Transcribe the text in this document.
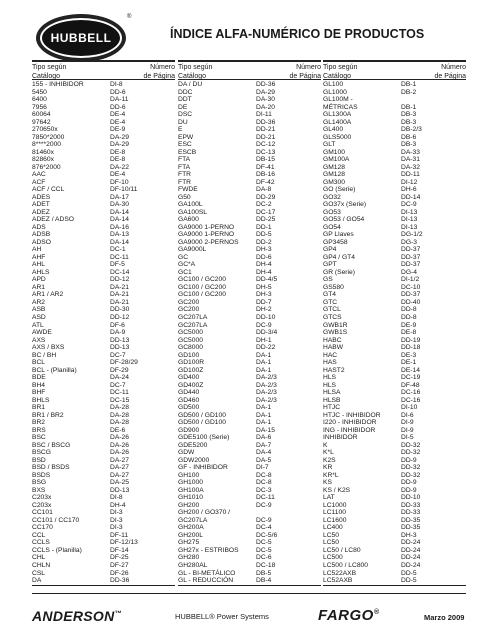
HUBBELL
®
ÍNDICE ALFA-NUMÉRICO DE PRODUCTOS
Tipo según	Número
Catálogo	de Página
155 - INHIBIDOR	DI-8
5450	DD-6
6400	DA-11
7956	DD-6
60064	DE-4
97642	DE-4
270650x	DE-9
7850*2000	DA-29
8****2000	DA-29
81460x	DE-8
82860x	DE-8
876*2000	DA-22
AAC	DE-4
ACF	DF-10
ACF / CCL	DF-10/11
ADES	DA-17
ADET	DA-30
ADEZ	DA-14
ADEZ / ADSO	DA-14
ADS	DA-16
ADSB	DA-13
ADSO	DA-14
AH	DC-1
AHF	DC-11
AHL	DF-5
AHLS	DC-14
APD	DD-12
AR1	DA-21
AR1 / AR2	DA-21
AR2	DA-21
ASB	DD-30
ASD	DD-12
ATL	DF-6
AWDE	DA-9
AXS	DD-13
AXS / BXS	DD-13
BC / BH	DC-7
BCL	DF-28/29
BCL - (Planilla)	DF-29
BDE	DA-24
BH4	DC-7
BHF	DC-11
BHLS	DC-15
BR1	DA-28
BR1 / BR2	DA-28
BR2	DA-28
BRS	DE-6
BSC	DA-26
BSC / BSCG	DA-26
BSCG	DA-26
BSD	DA-27
BSD / BSDS	DA-27
BSDS	DA-27
BSG	DA-25
BXS	DD-13
C203x	DI-8
C203x	DH-4
CC101	DI-3
CC101 / CC170	DI-3
CC170	DI-3
CCL	DF-11
CCLS	DF-12/13
CCLS - (Planilla)	DF-14
CHL	DF-25
CHLN	DF-27
CSL	DF-26
DA	DD-36
Tipo según	Número
Catálogo	de Página
DA / DU	DD-36
DDC	DA-29
DDT	DA-30
DE	DA-20
DSC	DI-11
DU	DD-36
E	DD-21
EPW	DD-21
ESC	DC-12
ESCB	DC-13
FTA	DB-15
FTA	DF-41
FTR	DB-16
FTR	DF-42
FWDE	DA-8
G50	DD-29
GA100L	DC-2
GA100SL	DC-17
GA600	DD-25
GA9000 1-PERNO	DD-1
GA9000 1-PERNO	DD-5
GA9000 2-PERNOS	DD-2
GA9000L	DH-3
GC	DD-6
GC*A	DH-4
GC1	DH-4
GC100 / GC200	DD-4/5
GC100 / GC200	DH-5
GC100 / GC200	DH-3
GC200	DD-7
GC200	DH-2
GC207LA	DD-10
GC207LA	DC-9
GC5000	DD-3/4
GC5000	DH-1
GC8000	DD-22
GD100	DA-1
GD100R	DA-1
GD100Z	DA-1
GD400	DA-2/3
GD400Z	DA-2/3
GD440	DA-2/3
GD460	DA-2/3
GD500	DA-1
GD500 / GD100	DA-1
GD500 / GD100	DA-1
GD900	DA-15
GDE5100 (Serie)	DA-6
GDE5200	DA-7
GDW	DA-4
GDW2000	DA-5
GF - INHIBIDOR	DI-7
GH100	DC-8
GH1000	DC-8
GH100A	DC-3
GH1010	DC-11
GH200	DC-9
GH200 / GO370 /
GC207LA	DC-9
GH200A	DC-4
GH200L	DC-5/6
GH275	DC-5
GH27x - ESTRIBOS	DC-5
GH280	DC-6
GH280AL	DC-18
GL - BI-METÁLICO	DB-5
GL - REDUCCIÓN	DB-4
Tipo según	Número
Catálogo	de Página
GL100	DB-1
GL1000	DB-2
GL100M -
MÉTRICAS	DB-1
GL1300A	DB-3
GL1400A	DB-3
GL400	DB-2/3
GLS5000	DB-6
GLT	DB-3
GM100	DA-33
GM100A	DA-31
GM128	DA-32
GM128	DD-11
GM300	DI-12
GO (Serie)	DH-6
GO32	DD-14
GO37x (Serie)	DC-9
GO53	DI-13
GO53 / GO54	DI-13
GO54	DI-13
GP Llaves	DG-1/2
GP3458	DG-3
GP4	DD-37
GP4 / GT4	DD-37
GPT	DD-37
GR (Serie)	DG-4
GS	DI-1/2
GS580	DC-10
GT4	DD-37
GTC	DD-40
GTCL	DD-8
GTCS	DD-8
GWB1R	DE-9
GWB1S	DE-8
HABC	DD-19
HABW	DD-18
HAC	DE-3
HAS	DE-1
HAST2	DE-14
HLS	DC-19
HLS	DF-48
HLSA	DC-16
HLSB	DC-16
HTJC	DI-10
HTJC - INHIBIDOR	DI-6
I220 - INHIBIDOR	DI-9
ING - INHIBIDOR	DI-9
INHIBIDOR	DI-5
K	DD-32
K*L	DD-32
K2S	DD-9
KR	DD-32
KR*L	DD-32
KS	DD-9
KS / K2S	DD-9
LAT	DD-10
LC1000	DD-33
LC1100	DD-33
LC1600	DD-35
LC400	DD-35
LC50	DH-3
LC50	DD-24
LC50 / LC80	DD-24
LC500	DD-24
LC500 / LC800	DD-24
LC522AXB	DD-5
LC52AXB	DD-5
ANDERSON™	HUBBELL® Power Systems	FARGO®
Marzo 2009
